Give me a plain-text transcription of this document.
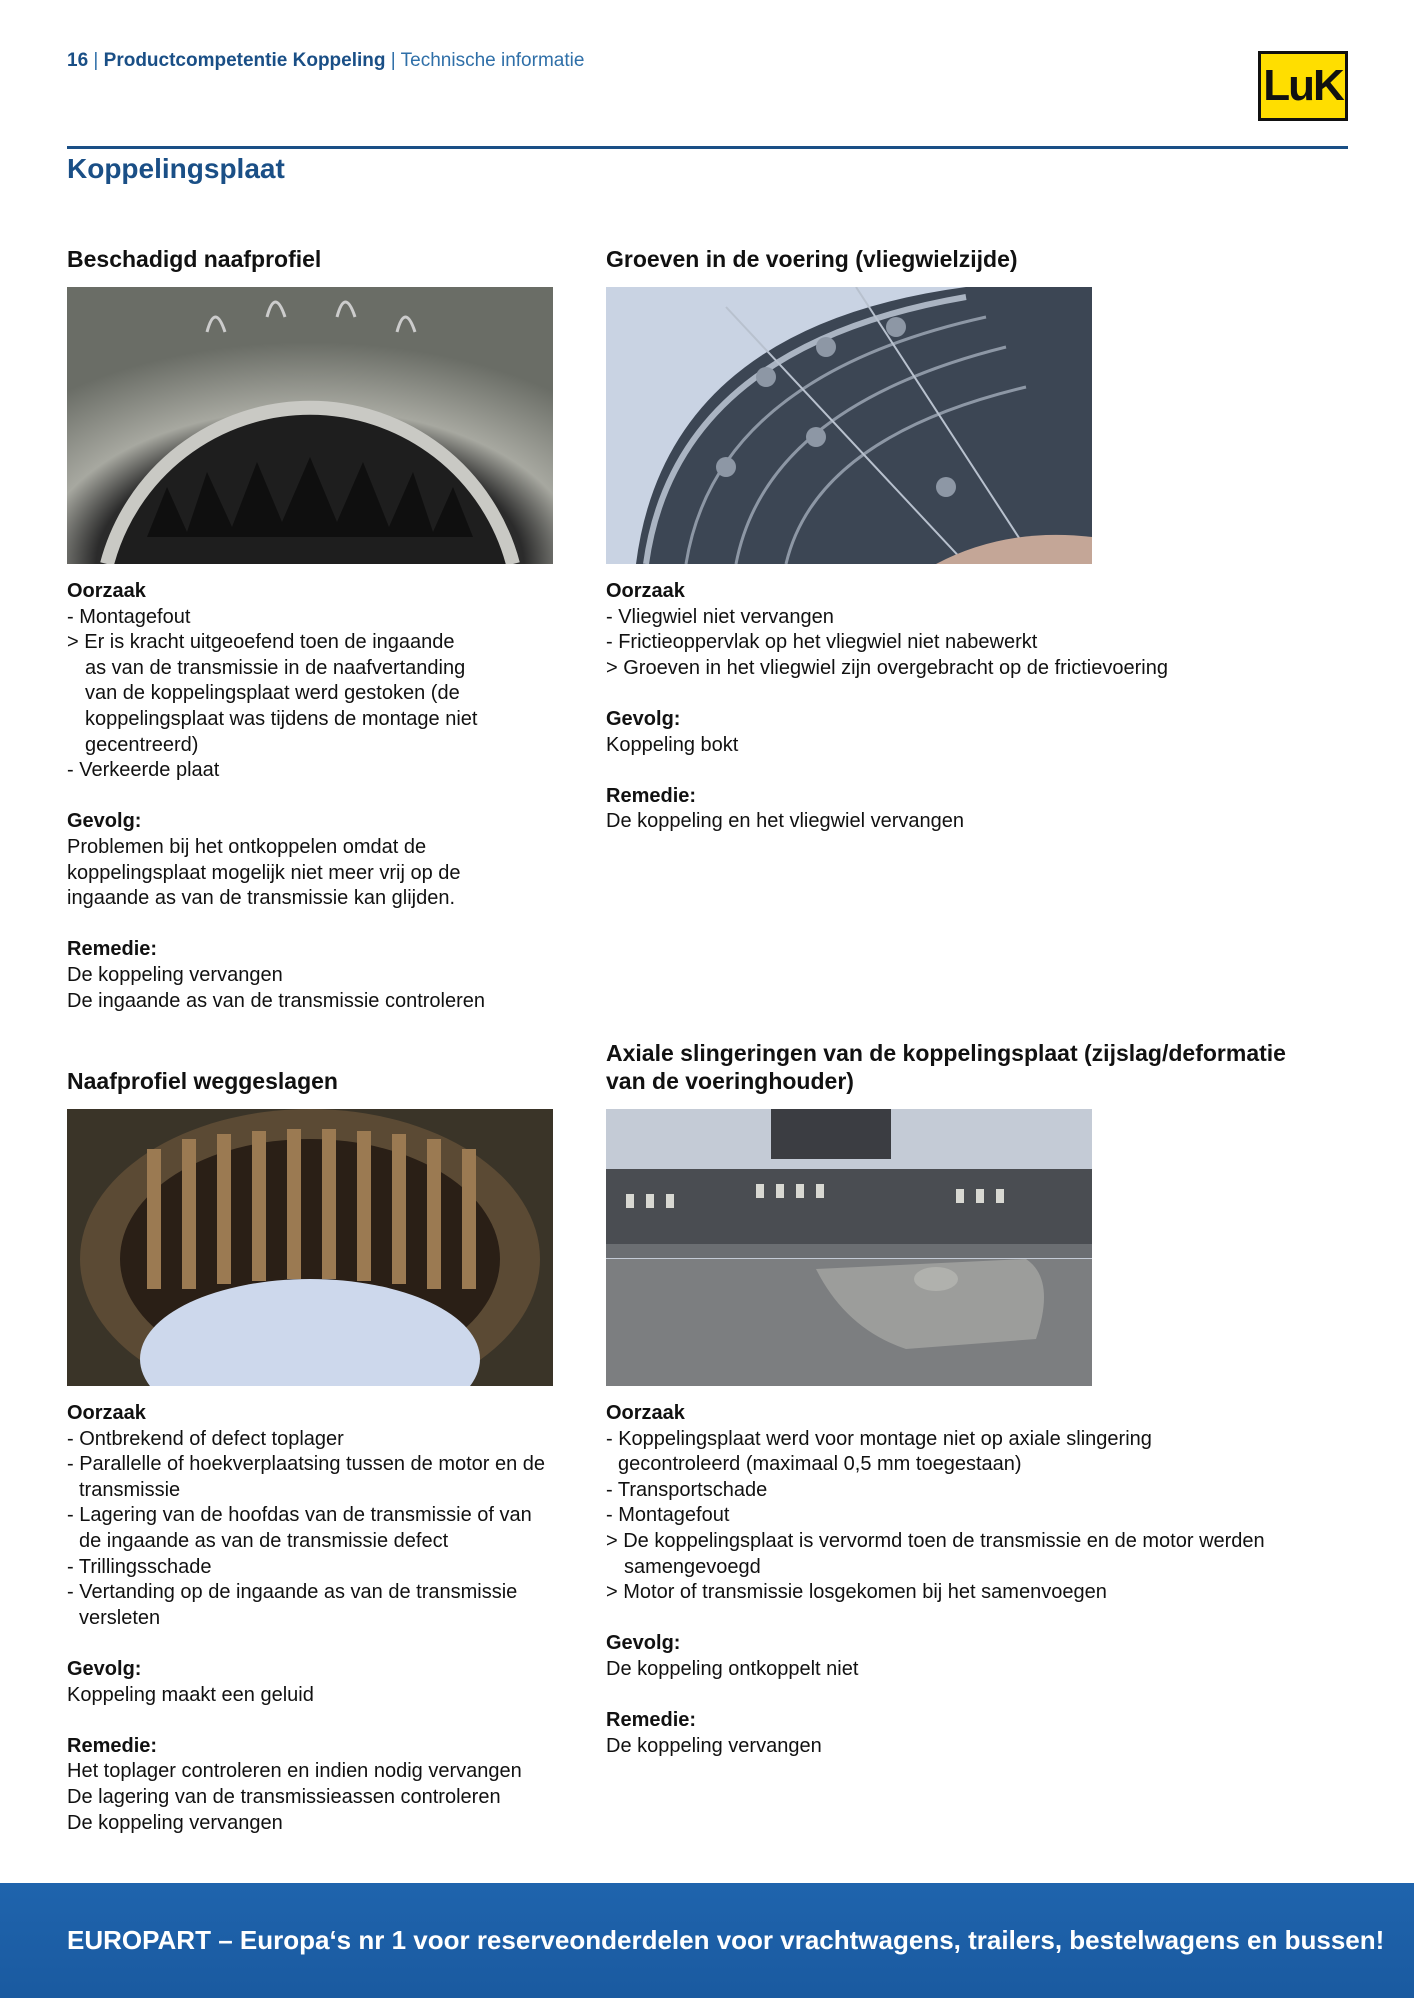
16 | Productcompetentie Koppeling | Technische informatie
LuK
Koppelingsplaat
Beschadigd naafprofiel
Oorzaak
- Montagefout
> Er is kracht uitgeoefend toen de ingaande
as van de transmissie in de naafvertanding
van de koppelingsplaat werd gestoken (de
koppelingsplaat was tijdens de montage niet
gecentreerd)
- Verkeerde plaat
Gevolg:
Problemen bij het ontkoppelen omdat de
koppelingsplaat mogelijk niet meer vrij op de
ingaande as van de transmissie kan glijden.
Remedie:
De koppeling vervangen
De ingaande as van de transmissie controleren
Groeven in de voering (vliegwielzijde)
Oorzaak
- Vliegwiel niet vervangen
- Frictieoppervlak op het vliegwiel niet nabewerkt
> Groeven in het vliegwiel zijn overgebracht op de frictievoering
Gevolg:
Koppeling bokt
Remedie:
De koppeling en het vliegwiel vervangen
Naafprofiel weggeslagen
Oorzaak
- Ontbrekend of defect toplager
- Parallelle of hoekverplaatsing tussen de motor en de
transmissie
- Lagering van de hoofdas van de transmissie of van
de ingaande as van de transmissie defect
- Trillingsschade
- Vertanding op de ingaande as van de transmissie
versleten
Gevolg:
Koppeling maakt een geluid
Remedie:
Het toplager controleren en indien nodig vervangen
De lagering van de transmissieassen controleren
De koppeling vervangen
Axiale slingeringen van de koppelingsplaat (zijslag/deformatie
van de voeringhouder)
Oorzaak
- Koppelingsplaat werd voor montage niet op axiale slingering
gecontroleerd (maximaal 0,5 mm toegestaan)
- Transportschade
- Montagefout
> De koppelingsplaat is vervormd toen de transmissie en de motor werden
samengevoegd
> Motor of transmissie losgekomen bij het samenvoegen
Gevolg:
De koppeling ontkoppelt niet
Remedie:
De koppeling vervangen
EUROPART – Europa‘s nr 1 voor reserveonderdelen voor vrachtwagens, trailers, bestelwagens en bussen!
